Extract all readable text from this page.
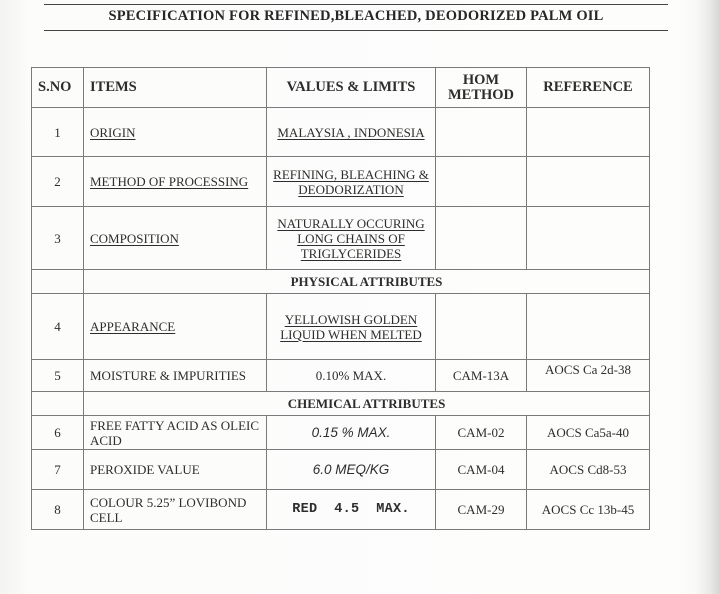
SPECIFICATION FOR REFINED,BLEACHED, DEODORIZED PALM OIL
S.NO	ITEMS	VALUES & LIMITS	HOM METHOD	REFERENCE
1	ORIGIN	MALAYSIA , INDONESIA		
2	METHOD OF PROCESSING	REFINING, BLEACHING & DEODORIZATION		
3	COMPOSITION	NATURALLY OCCURING LONG CHAINS OF TRIGLYCERIDES		
	PHYSICAL ATTRIBUTES			
4	APPEARANCE	YELLOWISH GOLDEN LIQUID WHEN MELTED		
5	MOISTURE & IMPURITIES	0.10% MAX.	CAM-13A	AOCS Ca 2d-38
	CHEMICAL ATTRIBUTES			
6	FREE FATTY ACID AS OLEIC ACID	0.15 % MAX.	CAM-02	AOCS Ca5a-40
7	PEROXIDE VALUE	6.0 MEQ/KG	CAM-04	AOCS Cd8-53
8	COLOUR 5.25” LOVIBOND CELL	RED  4.5  MAX.	CAM-29	AOCS Cc 13b-45
